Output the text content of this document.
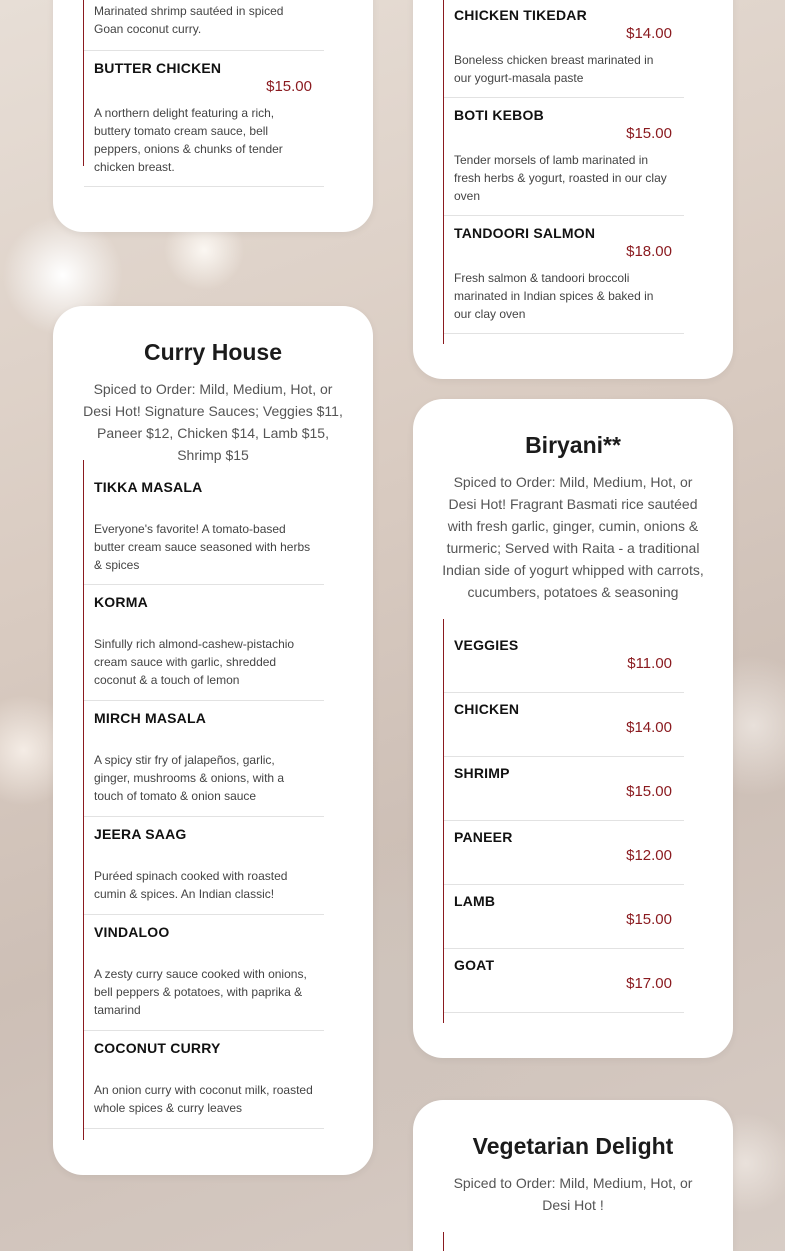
Marinated shrimp sautéed in spiced Goan coconut curry.
BUTTER CHICKEN
$15.00
A northern delight featuring a rich, buttery tomato cream sauce, bell peppers, onions & chunks of tender chicken breast.
CHICKEN TIKEDAR
$14.00
Boneless chicken breast marinated in our yogurt-masala paste
BOTI KEBOB
$15.00
Tender morsels of lamb marinated in fresh herbs & yogurt, roasted in our clay oven
TANDOORI SALMON
$18.00
Fresh salmon & tandoori broccoli marinated in Indian spices & baked in our clay oven
Curry House

Spiced to Order: Mild, Medium, Hot, or Desi Hot! Signature Sauces; Veggies $11, Paneer $12, Chicken $14, Lamb $15, Shrimp $15

TIKKA MASALA
Everyone's favorite! A tomato-based butter cream sauce seasoned with herbs & spices
KORMA
Sinfully rich almond-cashew-pistachio cream sauce with garlic, shredded coconut & a touch of lemon
MIRCH MASALA
A spicy stir fry of jalapeños, garlic, ginger, mushrooms & onions, with a touch of tomato & onion sauce
JEERA SAAG
Puréed spinach cooked with roasted cumin & spices. An Indian classic!
VINDALOO
A zesty curry sauce cooked with onions, bell peppers & potatoes, with paprika & tamarind
COCONUT CURRY
An onion curry with coconut milk, roasted whole spices & curry leaves
Biryani**

Spiced to Order: Mild, Medium, Hot, or Desi Hot! Fragrant Basmati rice sautéed with fresh garlic, ginger, cumin, onions & turmeric; Served with Raita - a traditional Indian side of yogurt whipped with carrots, cucumbers, potatoes & seasoning

VEGGIES
$11.00
CHICKEN
$14.00
SHRIMP
$15.00
PANEER
$12.00
LAMB
$15.00
GOAT
$17.00
Vegetarian Delight

Spiced to Order: Mild, Medium, Hot, or Desi Hot !
